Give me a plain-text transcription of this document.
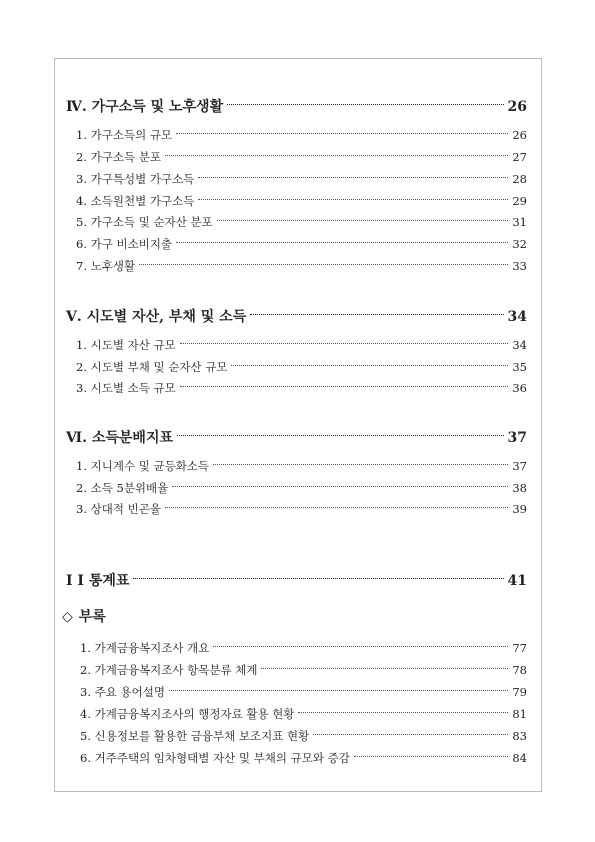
Ⅳ. 가구소득 및 노후생활	26
1. 가구소득의 규모	26
2. 가구소득 분포	27
3. 가구특성별 가구소득	28
4. 소득원천별 가구소득	29
5. 가구소득 및 순자산 분포	31
6. 가구 비소비지출	32
7. 노후생활	33
Ⅴ. 시도별 자산, 부채 및 소득	34
1. 시도별 자산 규모	34
2. 시도별 부채 및 순자산 규모	35
3. 시도별 소득 규모	36
Ⅵ. 소득분배지표	37
1. 지니계수 및 균등화소득	37
2. 소득 5분위배율	38
3. 상대적 빈곤율	39
Ⅰ I 통계표	41
◇ 부록
1. 가계금융복지조사 개요	77
2. 가계금융복지조사 항목분류 체계	78
3. 주요 용어설명	79
4. 가계금융복지조사의 행정자료 활용 현황	81
5. 신용정보를 활용한 금융부채 보조지표 현황	83
6. 거주주택의 임차형태별 자산 및 부채의 규모와 증감	84
